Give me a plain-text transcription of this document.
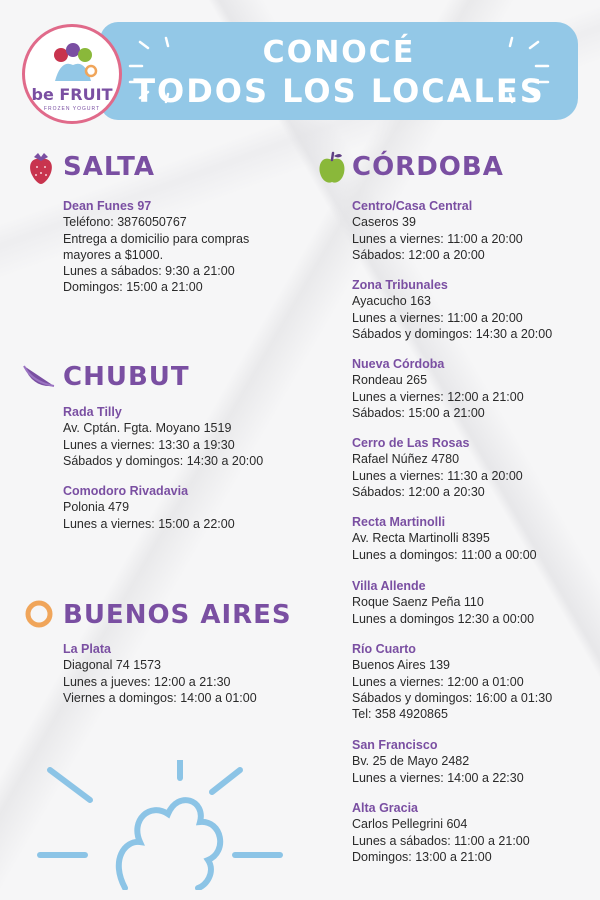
CONOCÉ
TODOS LOS LOCALES
be FRUIT
FROZEN YOGURT
SALTA
Dean Funes 97
Teléfono: 3876050767
Entrega a domicilio para compras
mayores a $1000.
Lunes a sábados: 9:30 a 21:00
Domingos: 15:00 a 21:00
CHUBUT
Rada Tilly
Av. Cptán. Fgta. Moyano 1519
Lunes a viernes: 13:30 a 19:30
Sábados y domingos: 14:30 a 20:00
Comodoro Rivadavia
Polonia 479
Lunes a viernes: 15:00 a 22:00
BUENOS AIRES
La Plata
Diagonal 74 1573
Lunes a jueves: 12:00 a 21:30
Viernes a domingos: 14:00 a 01:00
CÓRDOBA
Centro/Casa Central
Caseros 39
Lunes a viernes: 11:00 a 20:00
Sábados: 12:00 a 20:00
Zona Tribunales
Ayacucho 163
Lunes a viernes: 11:00 a 20:00
Sábados y domingos: 14:30 a 20:00
Nueva Córdoba
Rondeau 265
Lunes a viernes: 12:00 a 21:00
Sábados: 15:00 a 21:00
Cerro de Las Rosas
Rafael Núñez 4780
Lunes a viernes: 11:30 a 20:00
Sábados: 12:00 a 20:30
Recta Martinolli
Av. Recta Martinolli 8395
Lunes a domingos: 11:00 a 00:00
Villa Allende
Roque Saenz Peña 110
Lunes a domingos 12:30 a 00:00
Río Cuarto
Buenos Aires 139
Lunes a viernes: 12:00 a 01:00
Sábados y domingos: 16:00 a 01:30
Tel: 358 4920865
San Francisco
Bv. 25 de Mayo 2482
Lunes a viernes: 14:00 a 22:30
Alta Gracia
Carlos Pellegrini 604
Lunes a sábados: 11:00 a 21:00
Domingos: 13:00 a 21:00
